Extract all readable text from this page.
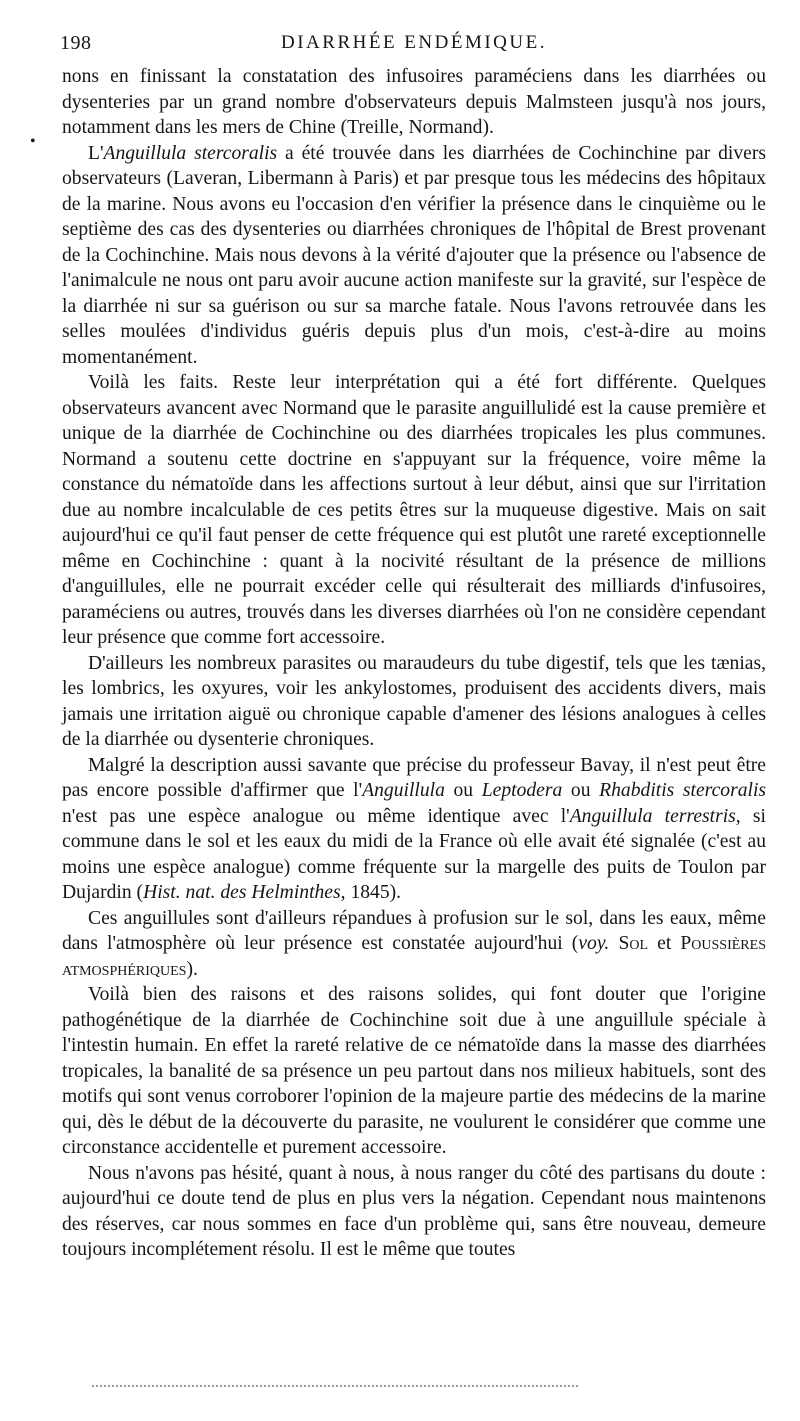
198	DIARRHÉE ENDÉMIQUE.

nons en finissant la constatation des infusoires paraméciens dans les diarrhées ou dysenteries par un grand nombre d'observateurs depuis Malmsteen jusqu'à nos jours, notamment dans les mers de Chine (Treille, Normand).

L'Anguillula stercoralis a été trouvée dans les diarrhées de Cochinchine par divers observateurs (Laveran, Libermann à Paris) et par presque tous les médecins des hôpitaux de la marine. Nous avons eu l'occasion d'en vérifier la présence dans le cinquième ou le septième des cas des dysenteries ou diarrhées chroniques de l'hôpital de Brest provenant de la Cochinchine. Mais nous devons à la vérité d'ajouter que la présence ou l'absence de l'animalcule ne nous ont paru avoir aucune action manifeste sur la gravité, sur l'espèce de la diarrhée ni sur sa guérison ou sur sa marche fatale. Nous l'avons retrouvée dans les selles moulées d'individus guéris depuis plus d'un mois, c'est-à-dire au moins momentanément.

Voilà les faits. Reste leur interprétation qui a été fort différente. Quelques observateurs avancent avec Normand que le parasite anguillulidé est la cause première et unique de la diarrhée de Cochinchine ou des diarrhées tropicales les plus communes. Normand a soutenu cette doctrine en s'appuyant sur la fréquence, voire même la constance du nématoïde dans les affections surtout à leur début, ainsi que sur l'irritation due au nombre incalculable de ces petits êtres sur la muqueuse digestive. Mais on sait aujourd'hui ce qu'il faut penser de cette fréquence qui est plutôt une rareté exceptionnelle même en Cochinchine : quant à la nocivité résultant de la présence de millions d'anguillules, elle ne pourrait excéder celle qui résulterait des milliards d'infusoires, paraméciens ou autres, trouvés dans les diverses diarrhées où l'on ne considère cependant leur présence que comme fort accessoire.

D'ailleurs les nombreux parasites ou maraudeurs du tube digestif, tels que les tænias, les lombrics, les oxyures, voir les ankylostomes, produisent des accidents divers, mais jamais une irritation aiguë ou chronique capable d'amener des lésions analogues à celles de la diarrhée ou dysenterie chroniques.

Malgré la description aussi savante que précise du professeur Bavay, il n'est peut être pas encore possible d'affirmer que l'Anguillula ou Leptodera ou Rhabditis stercoralis n'est pas une espèce analogue ou même identique avec l'Anguillula terrestris, si commune dans le sol et les eaux du midi de la France où elle avait été signalée (c'est au moins une espèce analogue) comme fréquente sur la margelle des puits de Toulon par Dujardin (Hist. nat. des Helminthes, 1845).

Ces anguillules sont d'ailleurs répandues à profusion sur le sol, dans les eaux, même dans l'atmosphère où leur présence est constatée aujourd'hui (voy. Sol et Poussières atmosphériques).

Voilà bien des raisons et des raisons solides, qui font douter que l'origine pathogénétique de la diarrhée de Cochinchine soit due à une anguillule spéciale à l'intestin humain. En effet la rareté relative de ce nématoïde dans la masse des diarrhées tropicales, la banalité de sa présence un peu partout dans nos milieux habituels, sont des motifs qui sont venus corroborer l'opinion de la majeure partie des médecins de la marine qui, dès le début de la découverte du parasite, ne voulurent le considérer que comme une circonstance accidentelle et purement accessoire.

Nous n'avons pas hésité, quant à nous, à nous ranger du côté des partisans du doute : aujourd'hui ce doute tend de plus en plus vers la négation. Cependant nous maintenons des réserves, car nous sommes en face d'un problème qui, sans être nouveau, demeure toujours incomplétement résolu. Il est le même que toutes

•
